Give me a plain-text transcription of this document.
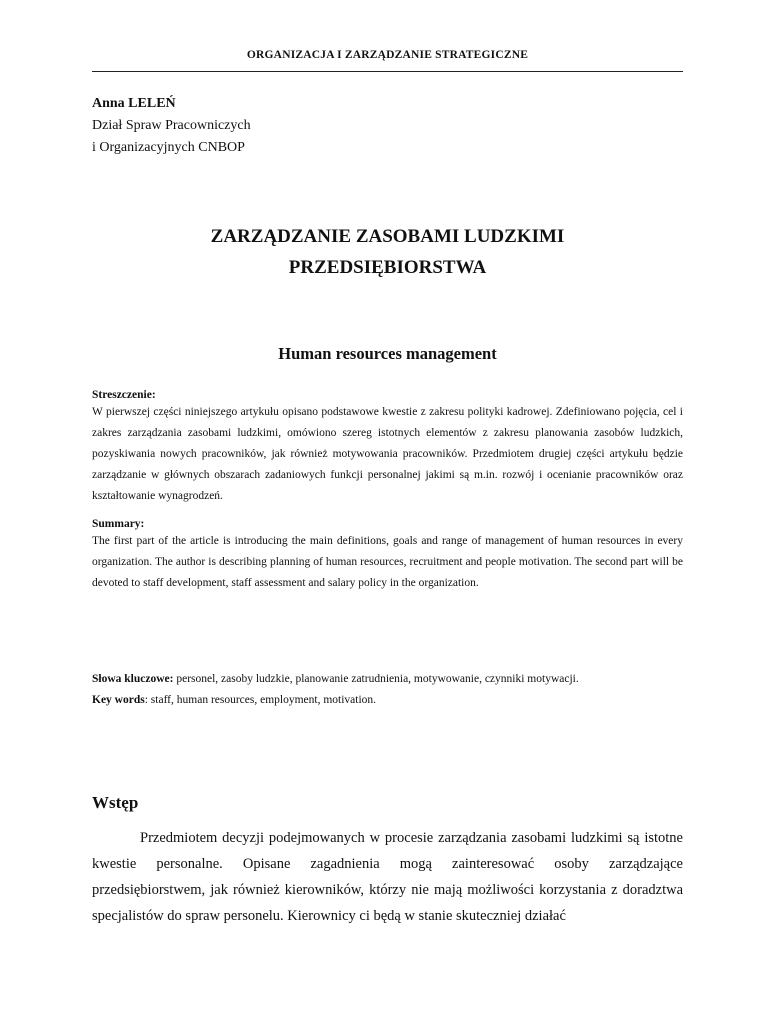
ORGANIZACJA I ZARZĄDZANIE STRATEGICZNE
Anna LELEŃ
Dział Spraw Pracowniczych
i Organizacyjnych CNBOP
ZARZĄDZANIE ZASOBAMI LUDZKIMI
PRZEDSIĘBIORSTWA
Human resources management
Streszczenie:
W pierwszej części niniejszego artykułu opisano podstawowe kwestie z zakresu polityki kadrowej. Zdefiniowano pojęcia, cel i zakres zarządzania zasobami ludzkimi, omówiono szereg istotnych elementów z zakresu planowania zasobów ludzkich, pozyskiwania nowych pracowników, jak również motywowania pracowników. Przedmiotem drugiej części artykułu będzie zarządzanie w głównych obszarach zadaniowych funkcji personalnej jakimi są m.in. rozwój i ocenianie pracowników oraz kształtowanie wynagrodzeń.
Summary:
The first part of the article is introducing the main definitions, goals and range of management of human resources in every organization. The author is describing planning of human resources, recruitment and people motivation. The second part will be devoted to staff development, staff assessment and salary policy in the organization.
Słowa kluczowe: personel, zasoby ludzkie, planowanie zatrudnienia, motywowanie, czynniki motywacji.
Key words: staff, human resources, employment, motivation.
Wstęp
Przedmiotem decyzji podejmowanych w procesie zarządzania zasobami ludzkimi są istotne kwestie personalne. Opisane zagadnienia mogą zainteresować osoby zarządzające przedsiębiorstwem, jak również kierowników, którzy nie mają możliwości korzystania z doradztwa specjalistów do spraw personelu. Kierownicy ci będą w stanie skuteczniej działać
